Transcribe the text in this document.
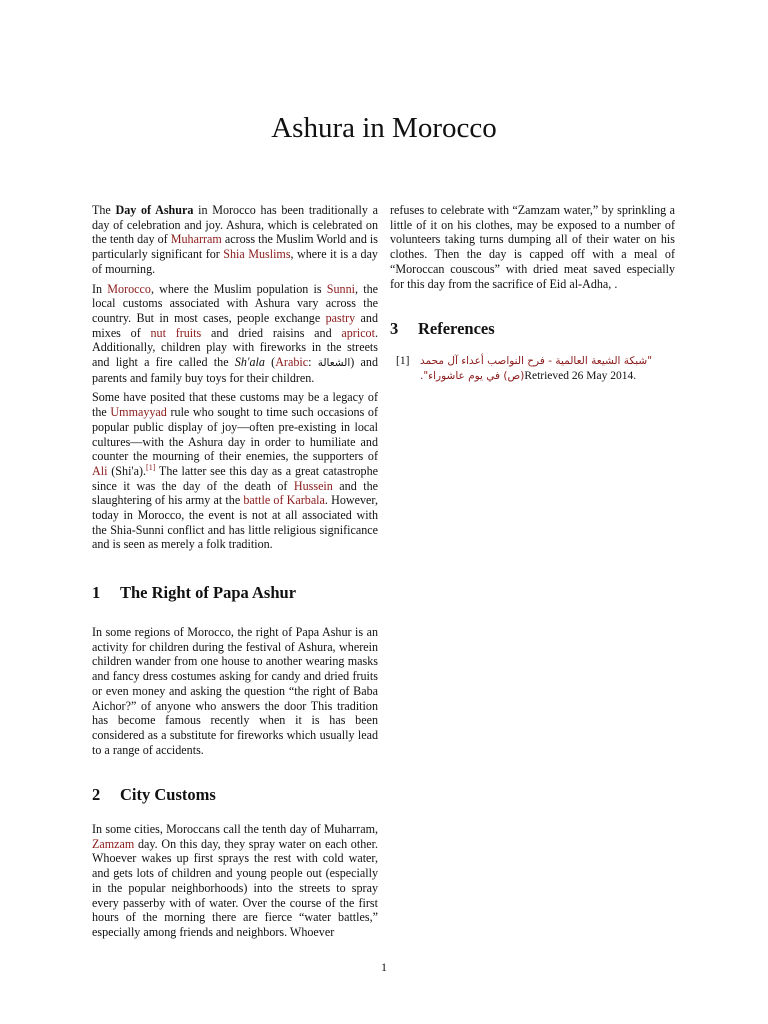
Ashura in Morocco

The Day of Ashura in Morocco has been traditionally a day of celebration and joy. Ashura, which is celebrated on the tenth day of Muharram across the Muslim World and is particularly significant for Shia Muslims, where it is a day of mourning.

In Morocco, where the Muslim population is Sunni, the local customs associated with Ashura vary across the country. But in most cases, people exchange pastry and mixes of nut fruits and dried raisins and apricot. Additionally, children play with fireworks in the streets and light a fire called the Sh'ala (Arabic: الشعالة) and parents and family buy toys for their children.

Some have posited that these customs may be a legacy of the Ummayyad rule who sought to time such occasions of popular public display of joy—often pre-existing in local cultures—with the Ashura day in order to humiliate and counter the mourning of their enemies, the supporters of Ali (Shi'a).[1] The latter see this day as a great catastrophe since it was the day of the death of Hussein and the slaughtering of his army at the battle of Karbala. However, today in Morocco, the event is not at all associated with the Shia-Sunni conflict and has little religious significance and is seen as merely a folk tradition.

1 The Right of Papa Ashur

In some regions of Morocco, the right of Papa Ashur is an activity for children during the festival of Ashura, wherein children wander from one house to another wearing masks and fancy dress costumes asking for candy and dried fruits or even money and asking the question “the right of Baba Aichor?” of anyone who answers the door This tradition has become famous recently when it is has been considered as a substitute for fireworks which usually lead to a range of accidents.

2 City Customs

In some cities, Moroccans call the tenth day of Muharram, Zamzam day. On this day, they spray water on each other. Whoever wakes up first sprays the rest with cold water, and gets lots of children and young people out (especially in the popular neighborhoods) into the streets to spray every passerby with of water. Over the course of the first hours of the morning there are fierce “water battles,” especially among friends and neighbors. Whoever

refuses to celebrate with “Zamzam water,” by sprinkling a little of it on his clothes, may be exposed to a number of volunteers taking turns dumping all of their water on his clothes. Then the day is capped off with a meal of “Moroccan couscous” with dried meat saved especially for this day from the sacrifice of Eid al-Adha, .

3 References
[1] "شبكة الشيعة العالمية - فرح النواصب أعداء آل محمد
(ص) في يوم عاشوراء".Retrieved 26 May 2014.
1
